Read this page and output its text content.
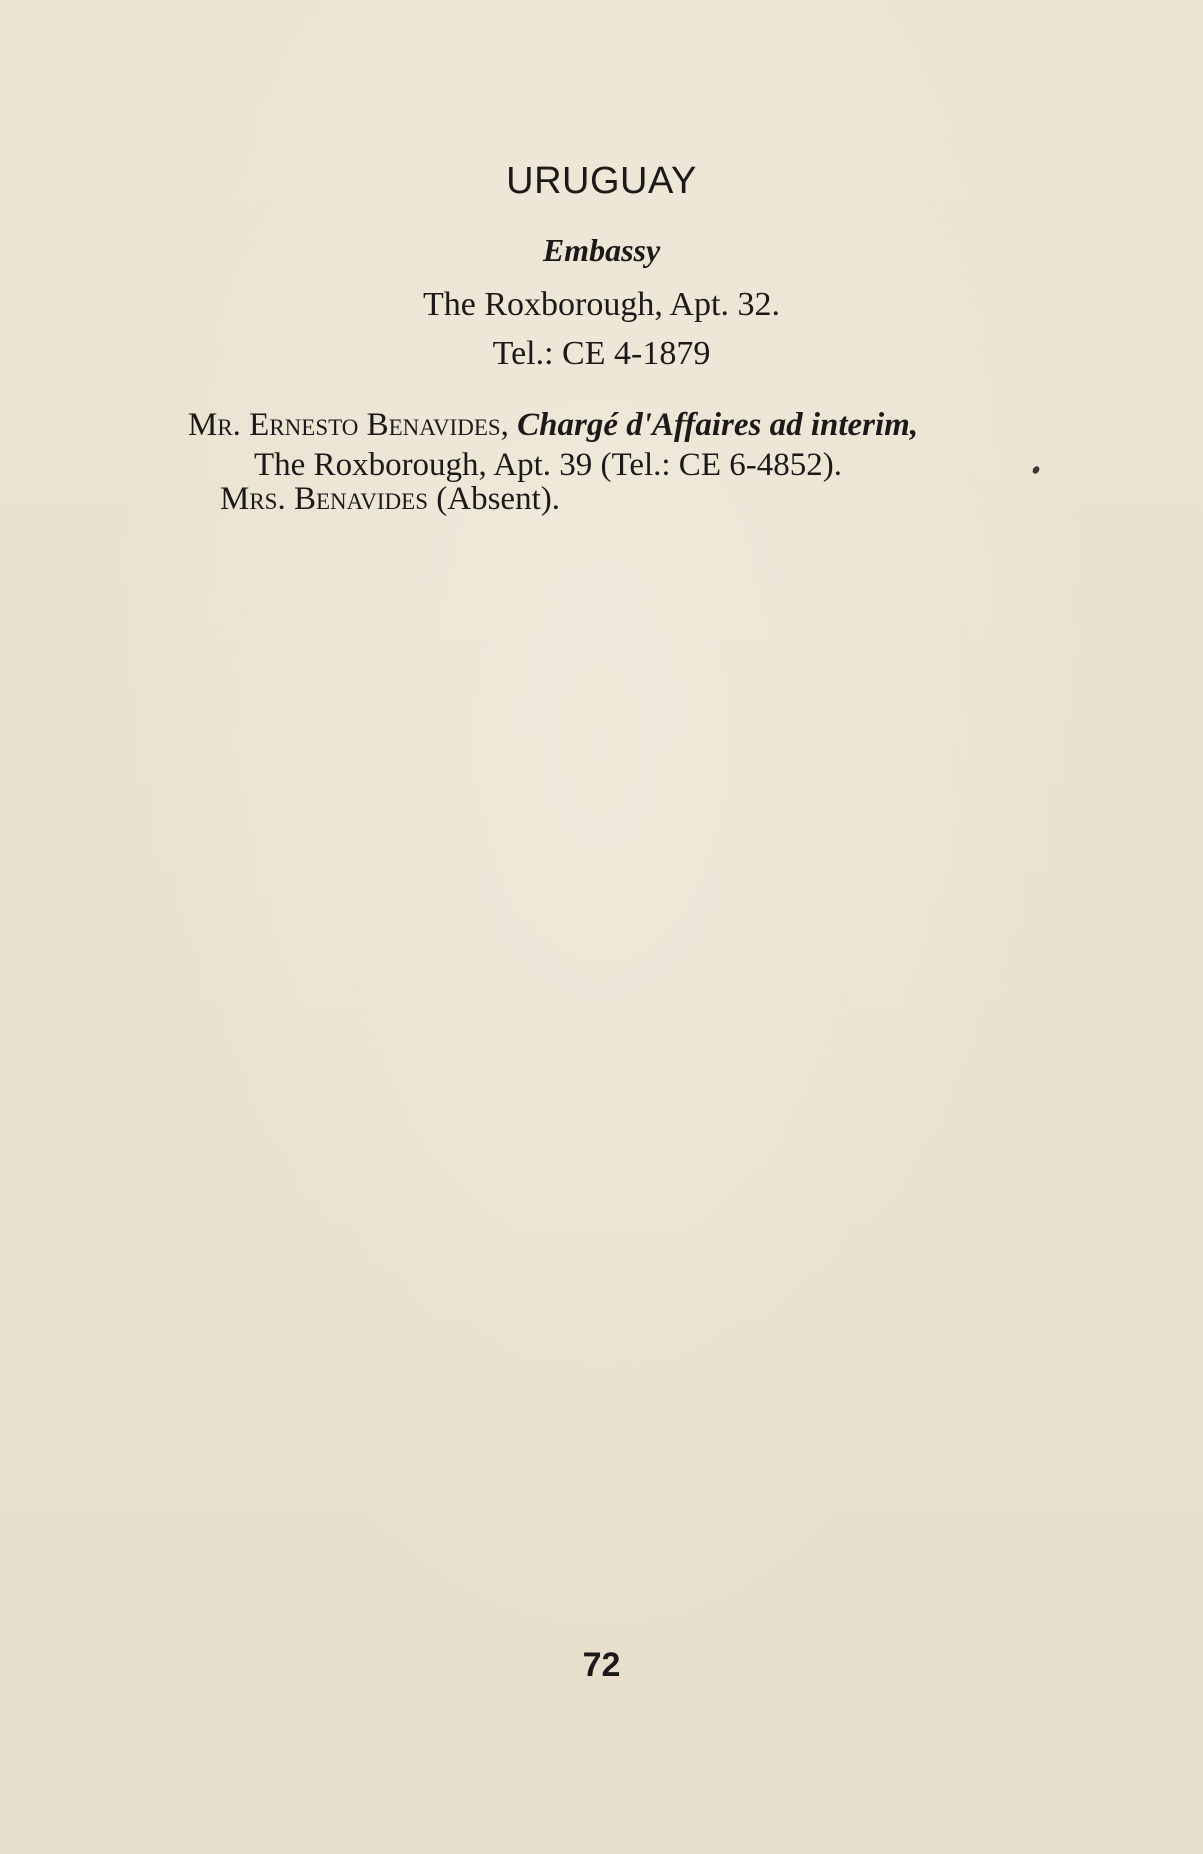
URUGUAY
Embassy
The Roxborough, Apt. 32.
Tel.: CE 4-1879
Mr. Ernesto Benavides, Chargé d'Affaires ad interim,
The Roxborough, Apt. 39 (Tel.: CE 6-4852).
Mrs. Benavides (Absent).
72
